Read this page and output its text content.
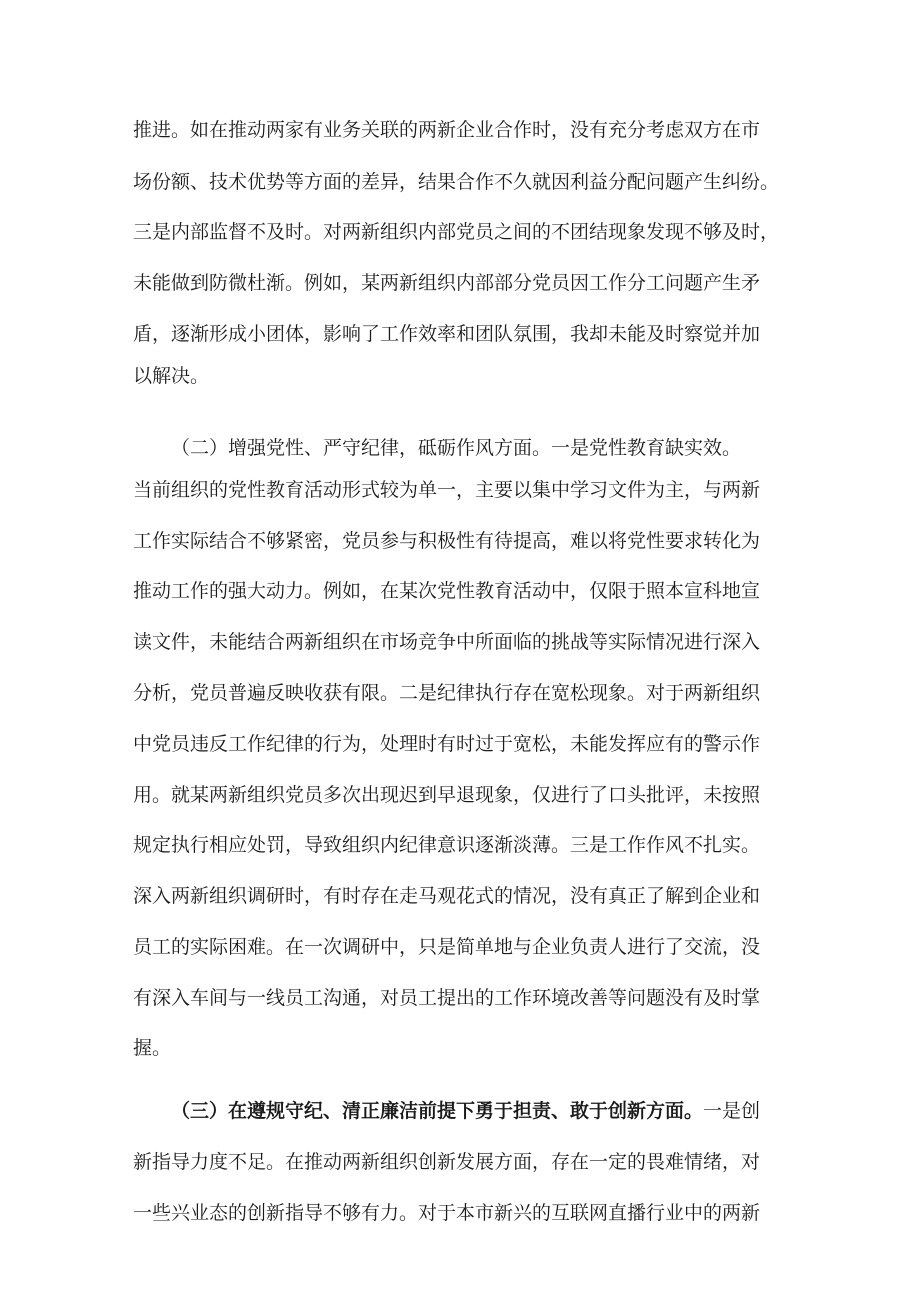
推进。如在推动两家有业务关联的两新企业合作时，没有充分考虑双方在市
场份额、技术优势等方面的差异，结果合作不久就因利益分配问题产生纠纷。
三是内部监督不及时。对两新组织内部党员之间的不团结现象发现不够及时，
未能做到防微杜渐。例如，某两新组织内部部分党员因工作分工问题产生矛
盾，逐渐形成小团体，影响了工作效率和团队氛围，我却未能及时察觉并加
以解决。
（二）增强党性、严守纪律，砥砺作风方面。一是党性教育缺实效。
当前组织的党性教育活动形式较为单一，主要以集中学习文件为主，与两新
工作实际结合不够紧密，党员参与积极性有待提高，难以将党性要求转化为
推动工作的强大动力。例如，在某次党性教育活动中，仅限于照本宣科地宣
读文件，未能结合两新组织在市场竞争中所面临的挑战等实际情况进行深入
分析，党员普遍反映收获有限。二是纪律执行存在宽松现象。对于两新组织
中党员违反工作纪律的行为，处理时有时过于宽松，未能发挥应有的警示作
用。就某两新组织党员多次出现迟到早退现象，仅进行了口头批评，未按照
规定执行相应处罚，导致组织内纪律意识逐渐淡薄。三是工作作风不扎实。
深入两新组织调研时，有时存在走马观花式的情况，没有真正了解到企业和
员工的实际困难。在一次调研中，只是简单地与企业负责人进行了交流，没
有深入车间与一线员工沟通，对员工提出的工作环境改善等问题没有及时掌
握。
（三）在遵规守纪、清正廉洁前提下勇于担责、敢于创新方面。一是创
新指导力度不足。在推动两新组织创新发展方面，存在一定的畏难情绪，对
一些兴业态的创新指导不够有力。对于本市新兴的互联网直播行业中的两新
